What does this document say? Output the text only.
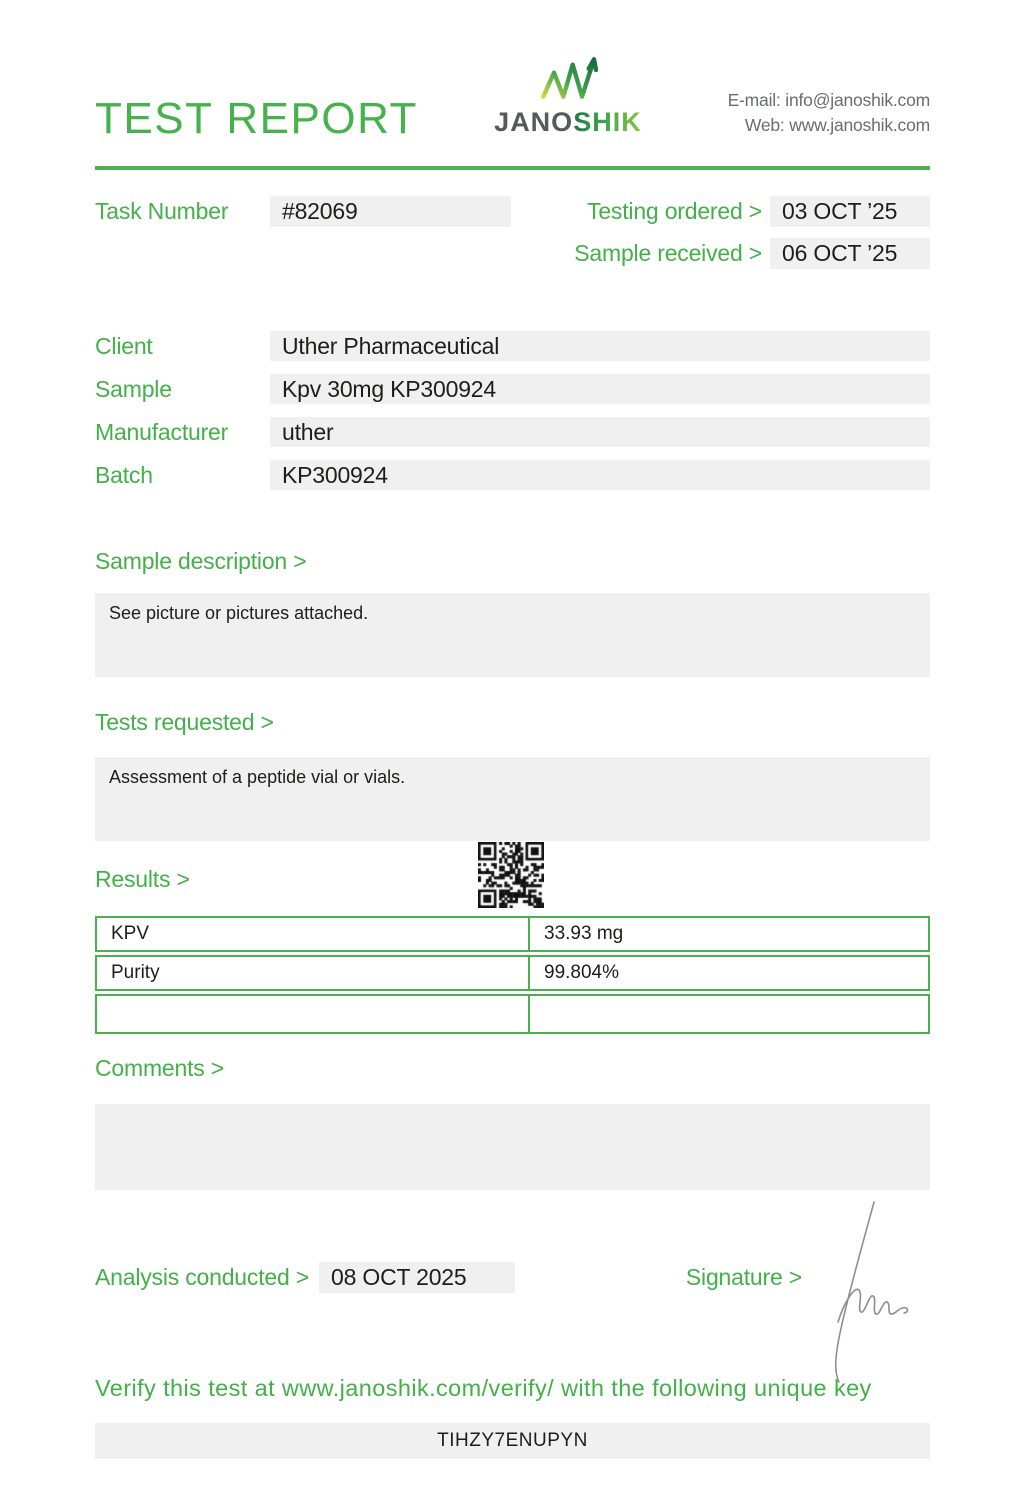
TEST REPORT	JANOSHIK
E-mail: info@janoshik.com
Web: www.janoshik.com
Task Number	#82069	Testing ordered > 03 OCT ’25
Sample received > 06 OCT ’25
Client	Uther Pharmaceutical
Sample	Kpv 30mg KP300924
Manufacturer	uther
Batch	KP300924
Sample description >
See picture or pictures attached.
Tests requested >
Assessment of a peptide vial or vials.
Results >
KPV	33.93 mg
Purity	99.804%
Comments >
Analysis conducted > 08 OCT 2025	Signature >
Verify this test at www.janoshik.com/verify/ with the following unique key
TIHZY7ENUPYN
